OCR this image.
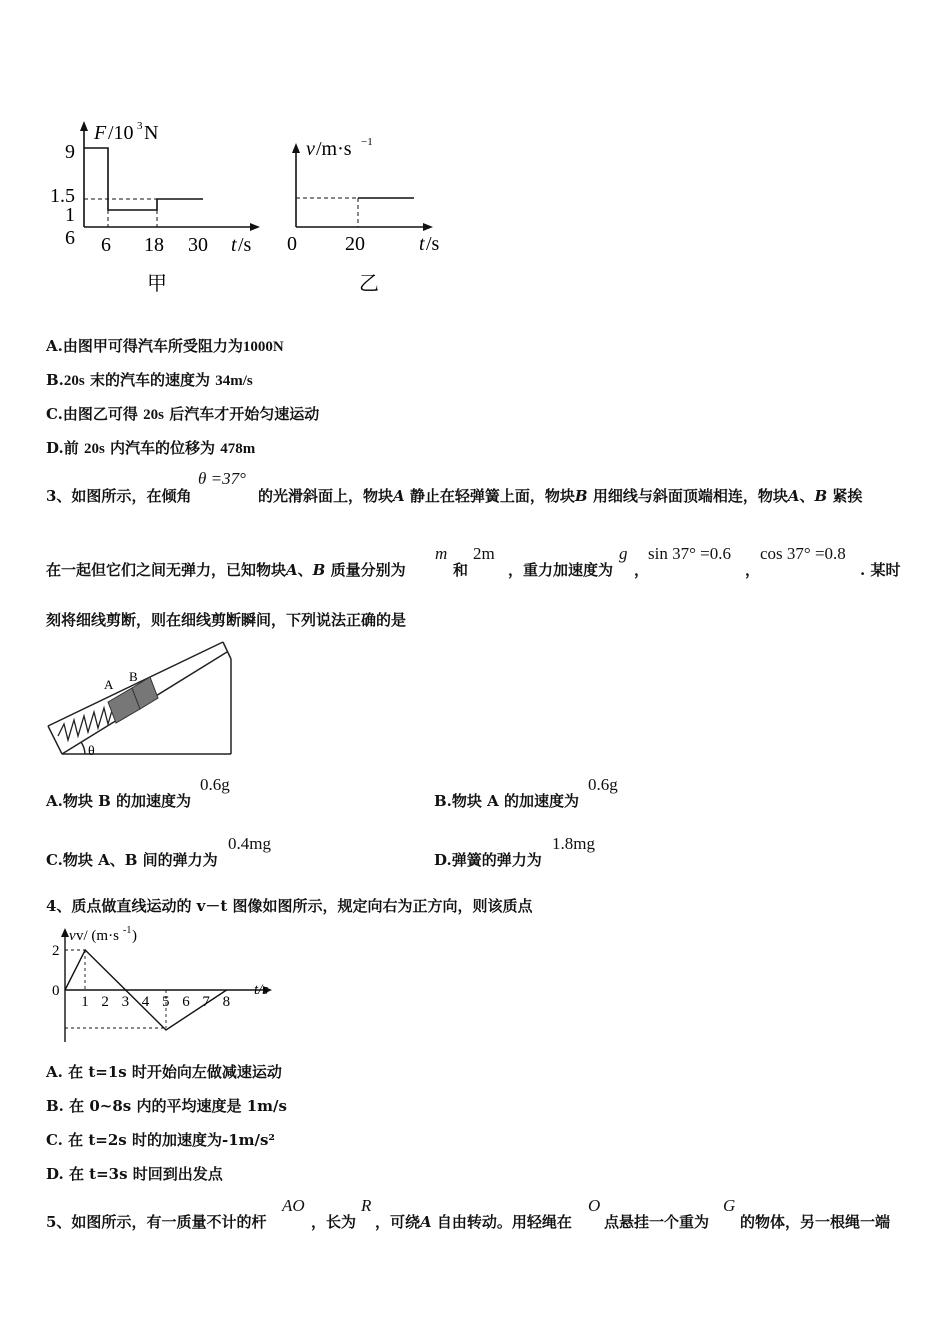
F /10 3 N
9
1.5
1
6 6 18 30 t /s
甲
v /m·s −1
0 20	t /s
乙
A.由图甲可得汽车所受阻力为1000N
B.20s 末的汽车的速度为 34m/s
C.由图乙可得 20s 后汽车才开始匀速运动
D.前 20s 内汽车的位移为 478m
3、如图所示，在倾角
θ =37°
的光滑斜面上，物块A 静止在轻弹簧上面，物块B 用细线与斜面顶端相连，物块A、B 紧挨
在一起但它们之间无弹力，已知物块A、B 质量分别为
m
和
2m
，重力加速度为
g
，
sin 37° =0.6
，
cos 37° =0.8
. 某时
刻将细线剪断，则在细线剪断瞬间，下列说法正确的是
A
B
θ
A.物块 B 的加速度为
0.6g
B.物块 A 的加速度为
0.6g
C.物块 A、B 间的弹力为
0.4mg
D.弹簧的弹力为
1.8mg
4、质点做直线运动的 v－t 图像如图所示，规定向右为正方向，则该质点
v v/ (m·s -1 )
2
0
1 2 3 4 5 6 7 8
t/s
A. 在 t=1s 时开始向左做减速运动
B. 在 0~8s 内的平均速度是 1m/s
C. 在 t=2s 时的加速度为-1m/s²
D. 在 t=3s 时回到出发点
5、如图所示，有一质量不计的杆
AO
，长为
R
，可绕A 自由转动。用轻绳在
O
点悬挂一个重为
G
的物体，另一根绳一端
